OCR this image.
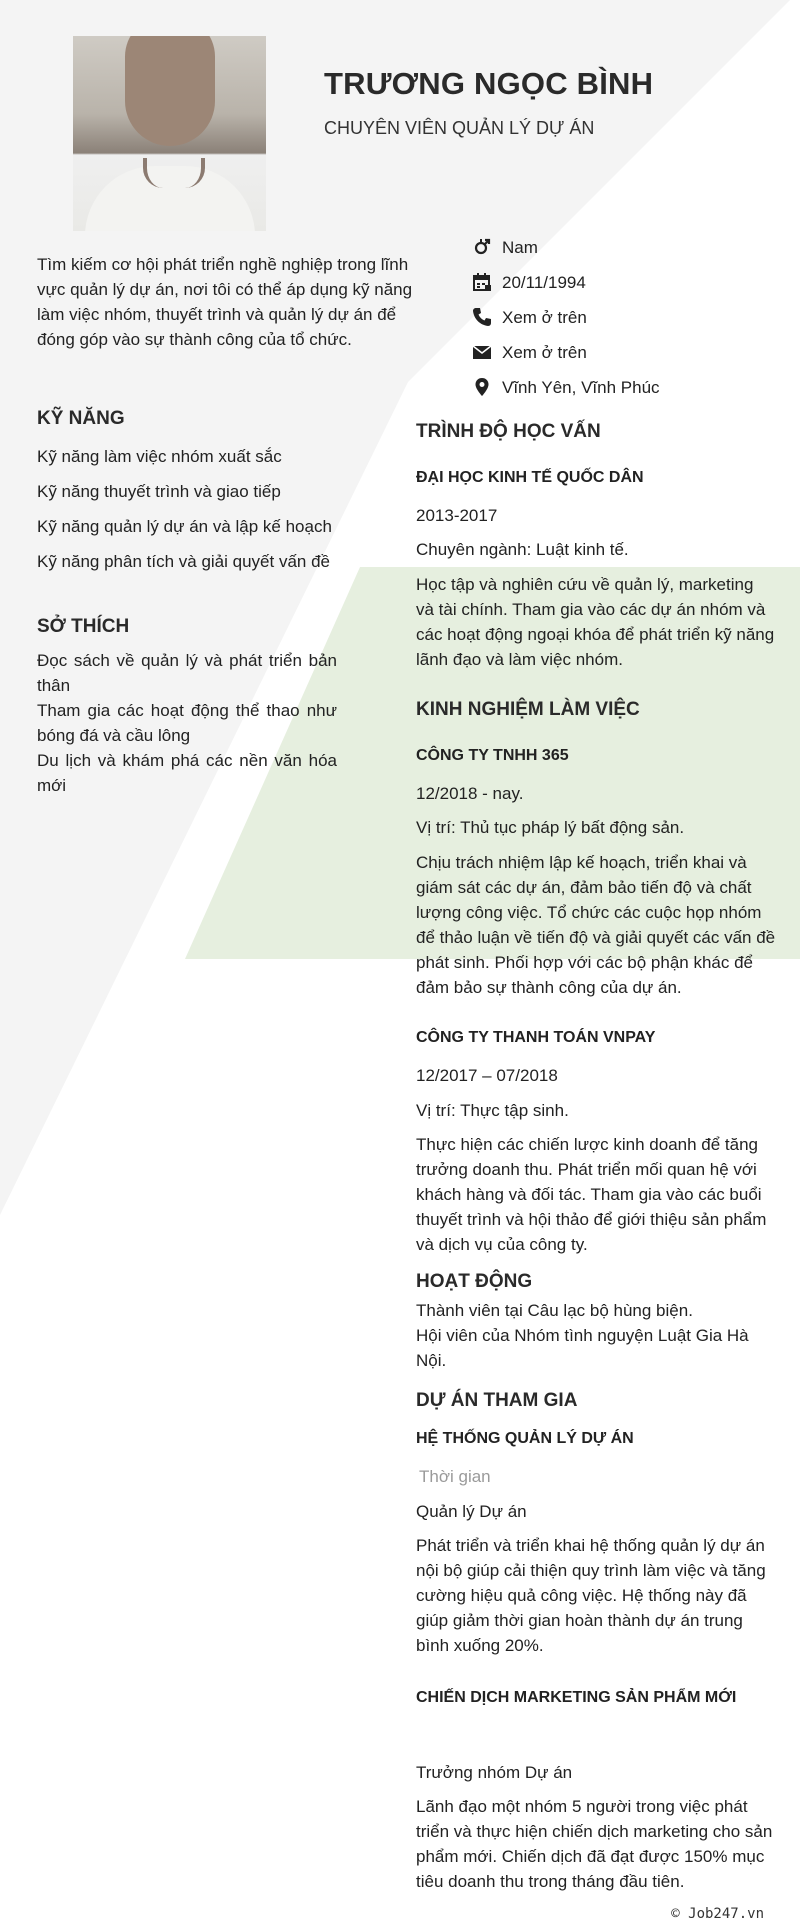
TRƯƠNG NGỌC BÌNH
CHUYÊN VIÊN QUẢN LÝ DỰ ÁN
Tìm kiếm cơ hội phát triển nghề nghiệp trong lĩnh vực quản lý dự án, nơi tôi có thể áp dụng kỹ năng làm việc nhóm, thuyết trình và quản lý dự án để đóng góp vào sự thành công của tổ chức.
Nam
20/11/1994
Xem ở trên
Xem ở trên
Vĩnh Yên, Vĩnh Phúc
KỸ NĂNG
Kỹ năng làm việc nhóm xuất sắc
Kỹ năng thuyết trình và giao tiếp
Kỹ năng quản lý dự án và lập kế hoạch
Kỹ năng phân tích và giải quyết vấn đề
SỞ THÍCH
Đọc sách về quản lý và phát triển bản thân
Tham gia các hoạt động thể thao như bóng đá và cầu lông
Du lịch và khám phá các nền văn hóa mới
TRÌNH ĐỘ HỌC VẤN
ĐẠI HỌC KINH TẾ QUỐC DÂN
2013-2017
Chuyên ngành: Luật kinh tế.
Học tập và nghiên cứu về quản lý, marketing và tài chính. Tham gia vào các dự án nhóm và các hoạt động ngoại khóa để phát triển kỹ năng lãnh đạo và làm việc nhóm.
KINH NGHIỆM LÀM VIỆC
CÔNG TY TNHH 365
12/2018 - nay.
Vị trí: Thủ tục pháp lý bất động sản.
Chịu trách nhiệm lập kế hoạch, triển khai và giám sát các dự án, đảm bảo tiến độ và chất lượng công việc. Tổ chức các cuộc họp nhóm để thảo luận về tiến độ và giải quyết các vấn đề phát sinh. Phối hợp với các bộ phận khác để đảm bảo sự thành công của dự án.
CÔNG TY THANH TOÁN VNPAY
12/2017 – 07/2018
Vị trí: Thực tập sinh.
Thực hiện các chiến lược kinh doanh để tăng trưởng doanh thu. Phát triển mối quan hệ với khách hàng và đối tác. Tham gia vào các buổi thuyết trình và hội thảo để giới thiệu sản phẩm và dịch vụ của công ty.
HOẠT ĐỘNG
Thành viên tại Câu lạc bộ hùng biện.
Hội viên của Nhóm tình nguyện Luật Gia Hà Nội.
DỰ ÁN THAM GIA
HỆ THỐNG QUẢN LÝ DỰ ÁN
Thời gian
Quản lý Dự án
Phát triển và triển khai hệ thống quản lý dự án nội bộ giúp cải thiện quy trình làm việc và tăng cường hiệu quả công việc. Hệ thống này đã giúp giảm thời gian hoàn thành dự án trung bình xuống 20%.
CHIẾN DỊCH MARKETING SẢN PHẨM MỚI
Trưởng nhóm Dự án
Lãnh đạo một nhóm 5 người trong việc phát triển và thực hiện chiến dịch marketing cho sản phẩm mới. Chiến dịch đã đạt được 150% mục tiêu doanh thu trong tháng đầu tiên.
© Job247.vn
